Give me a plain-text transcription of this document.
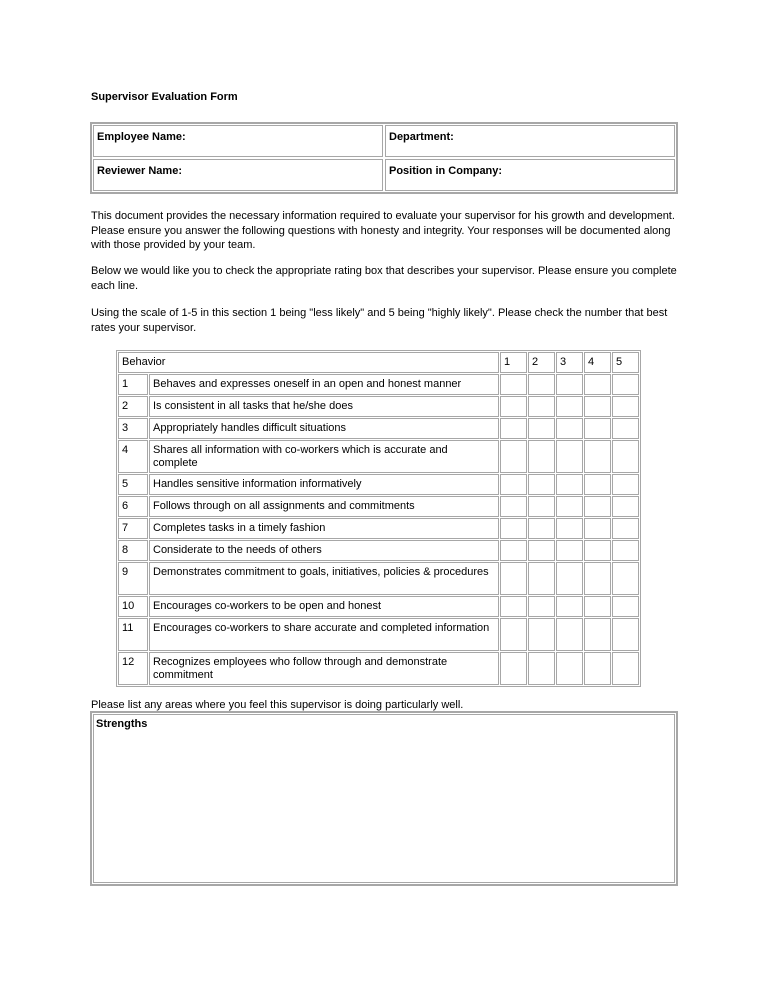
Supervisor Evaluation Form
Employee Name:	Department:
Reviewer Name:	Position in Company:

This document provides the necessary information required to evaluate your supervisor for his growth and development. Please ensure you answer the following questions with honesty and integrity. Your responses will be documented along with those provided by your team.

Below we would like you to check the appropriate rating box that describes your supervisor. Please ensure you complete each line.

Using the scale of 1-5 in this section 1 being "less likely" and 5 being "highly likely". Please check the number that best rates your supervisor.

Behavior		1	2	3	4	5
1	Behaves and expresses oneself in an open and honest manner					
2	Is consistent in all tasks that he/she does					
3	Appropriately handles difficult situations					
4	Shares all information with co-workers which is accurate and complete					
5	Handles sensitive information informatively					
6	Follows through on all assignments and commitments					
7	Completes tasks in a timely fashion					
8	Considerate to the needs of others					
9	Demonstrates commitment to goals, initiatives, policies & procedures					
10	Encourages co-workers to be open and honest					
11	Encourages co-workers to share accurate and completed information					
12	Recognizes employees who follow through and demonstrate commitment					
Please list any areas where you feel this supervisor is doing particularly well.
Strengths
